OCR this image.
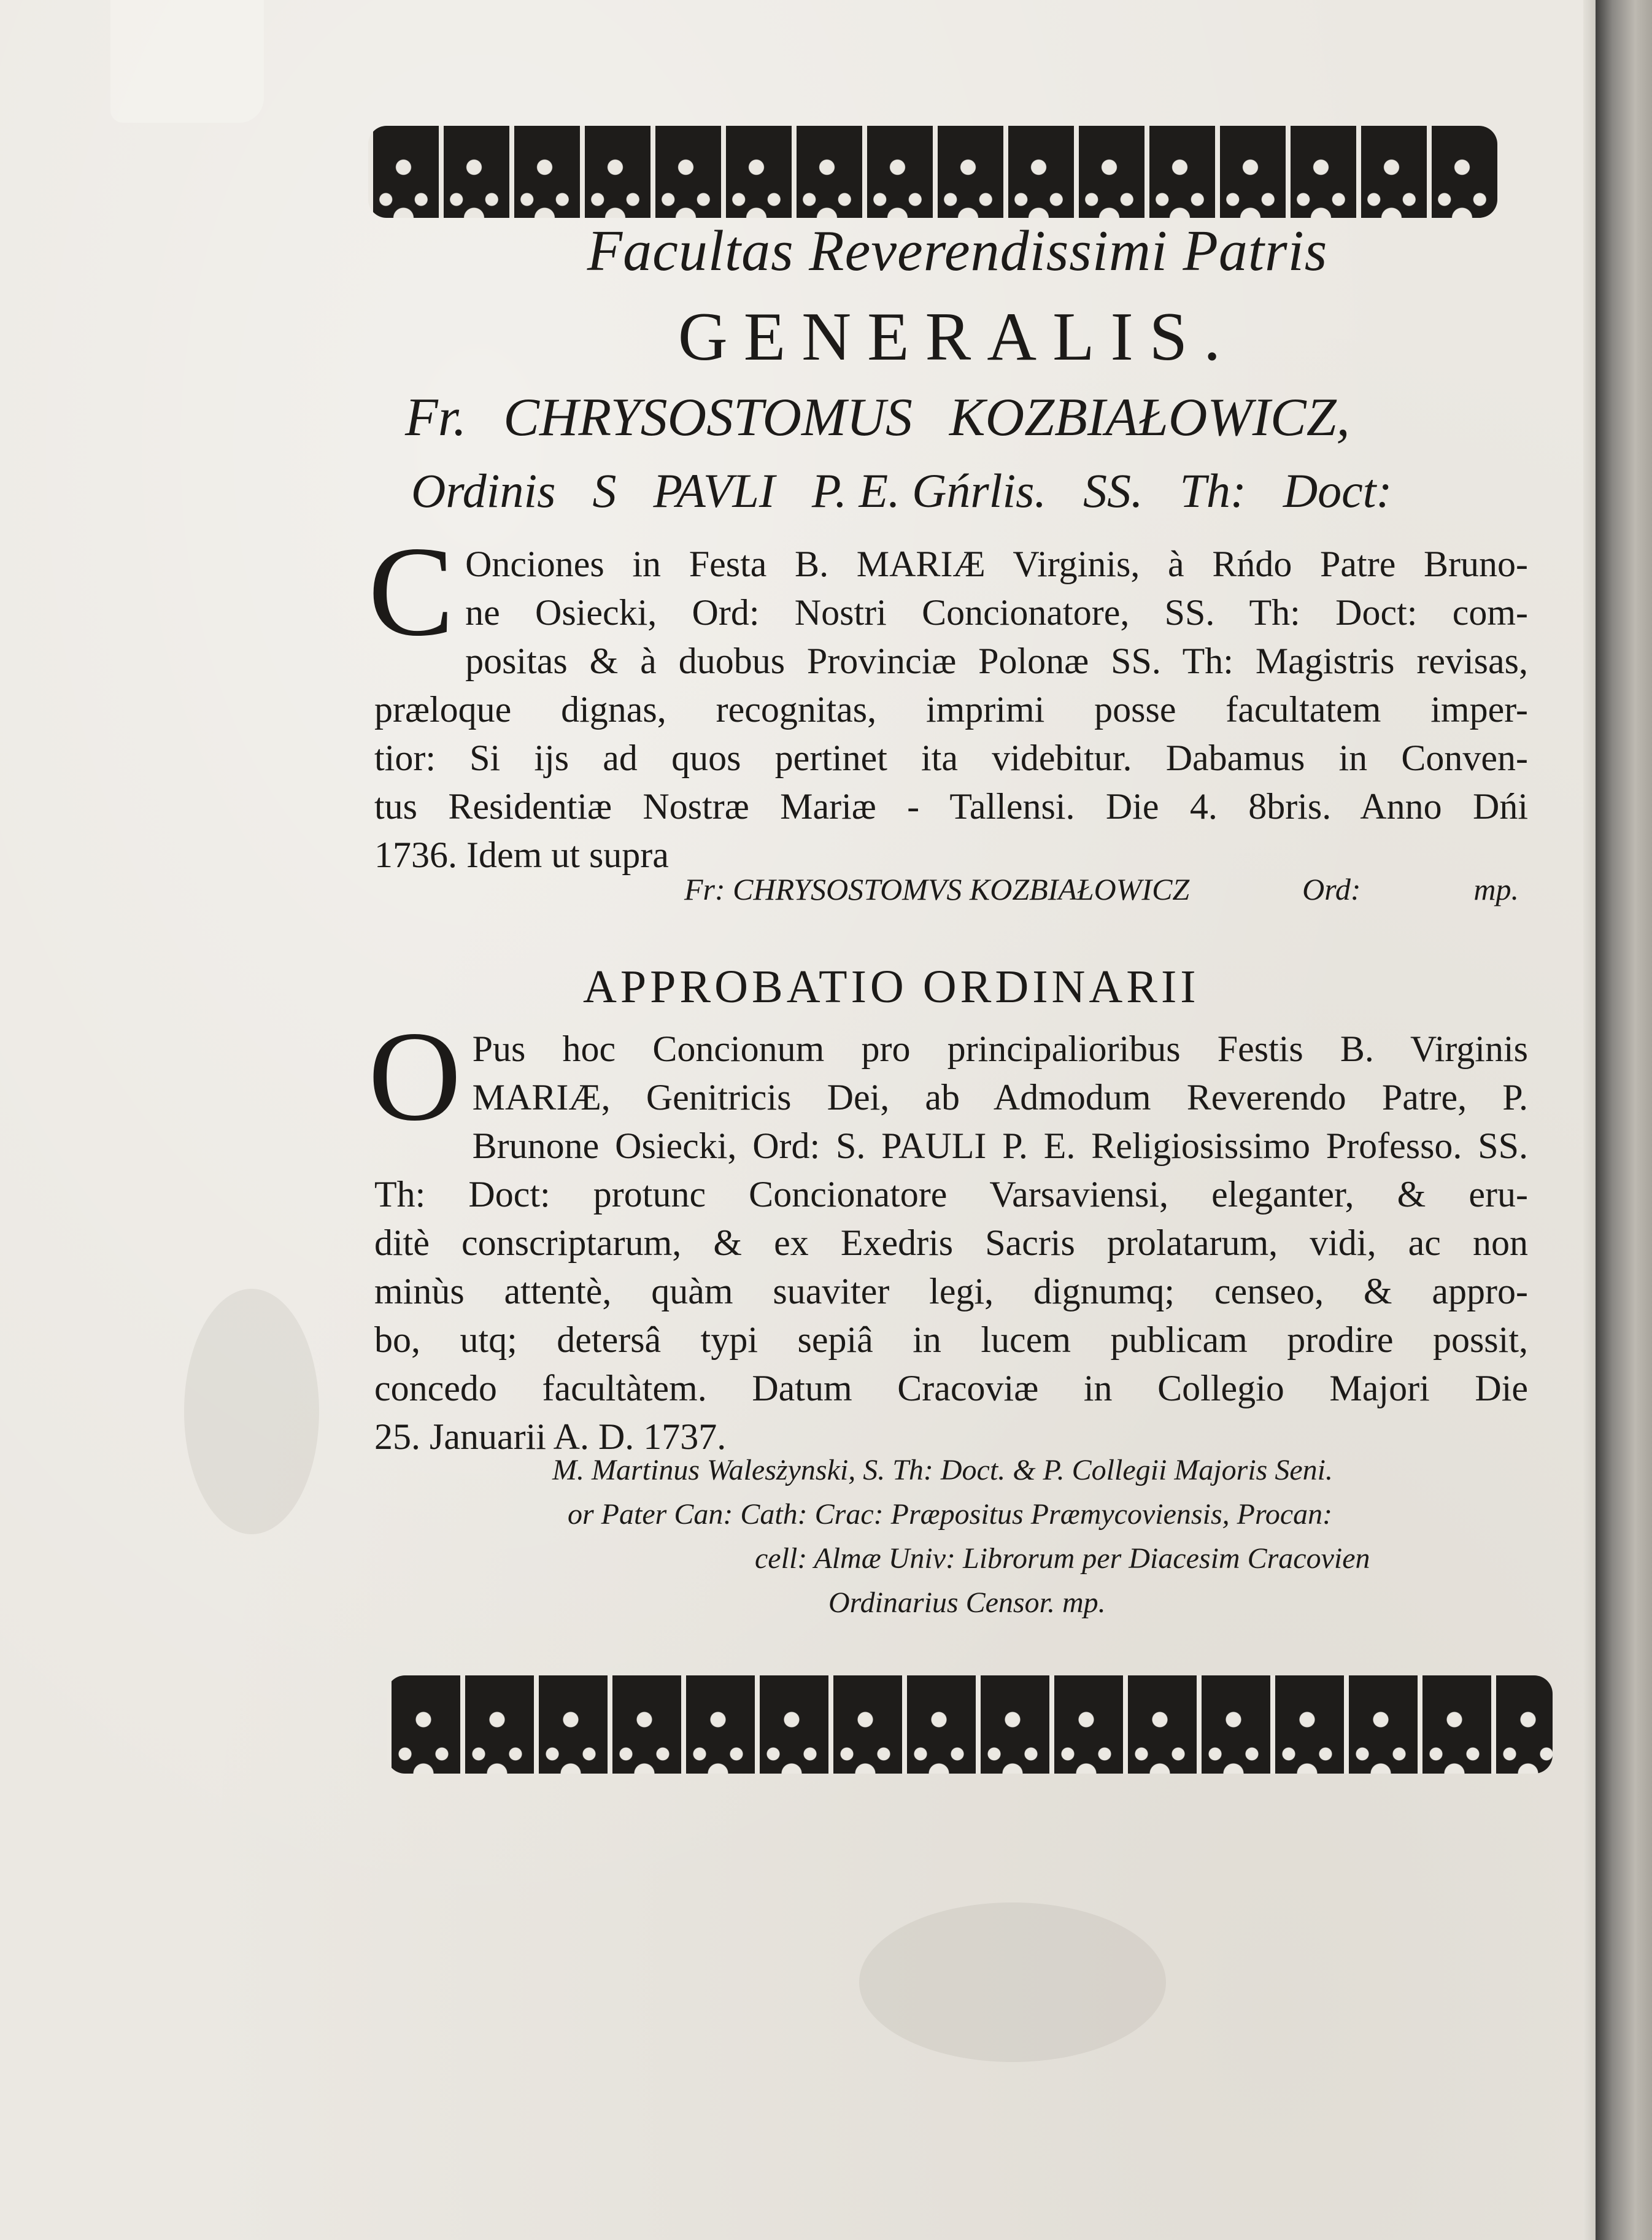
Facultas Reverendissimi Patris

GENERALIS.

Fr. CHRYSOSTOMUS KOZBIAŁOWICZ,
Ordinis S PAVLI P. E. Gńrlis. SS. Th: Doct:
C Onciones in Festa B. MARIÆ Virginis, à Rńdo Patre Bruno-
ne Osiecki, Ord: Nostri Concionatore, SS. Th: Doct: com-
positas & à duobus Provinciæ Polonæ SS. Th: Magistris revisas,
præloque dignas, recognitas, imprimi posse facultatem imper-
tior: Si ijs ad quos pertinet ita videbitur. Dabamus in Conven-
tus Residentiæ Nostræ Mariæ - Tallensi. Die 4. 8bris. Anno Dńi
1736. Idem ut supra
Fr: CHRYSOSTOMVS KOZBIAŁOWICZ	Ord:	mp.

APPROBATIO ORDINARII

O Pus hoc Concionum pro principalioribus Festis B. Virginis
MARIÆ, Genitricis Dei, ab Admodum Reverendo Patre, P.
Brunone Osiecki, Ord: S. PAULI P. E. Religiosissimo Professo. SS.
Th: Doct: protunc Concionatore Varsaviensi, eleganter, & eru-
ditè conscriptarum, & ex Exedris Sacris prolatarum, vidi, ac non
minùs attentè, quàm suaviter legi, dignumq; censeo, & appro-
bo, utq; detersâ typi sepiâ in lucem publicam prodire possit,
concedo facultàtem. Datum Cracoviæ in Collegio Majori Die
25. Januarii A. D. 1737.
M. Martinus Walesżynski, S. Th: Doct. & P. Collegii Majoris Seni.
or Pater Can: Cath: Crac: Præpositus Præmycoviensis, Procan:
cell: Almæ Univ: Librorum per Diacesim Cracovien
Ordinarius Censor. mp.
